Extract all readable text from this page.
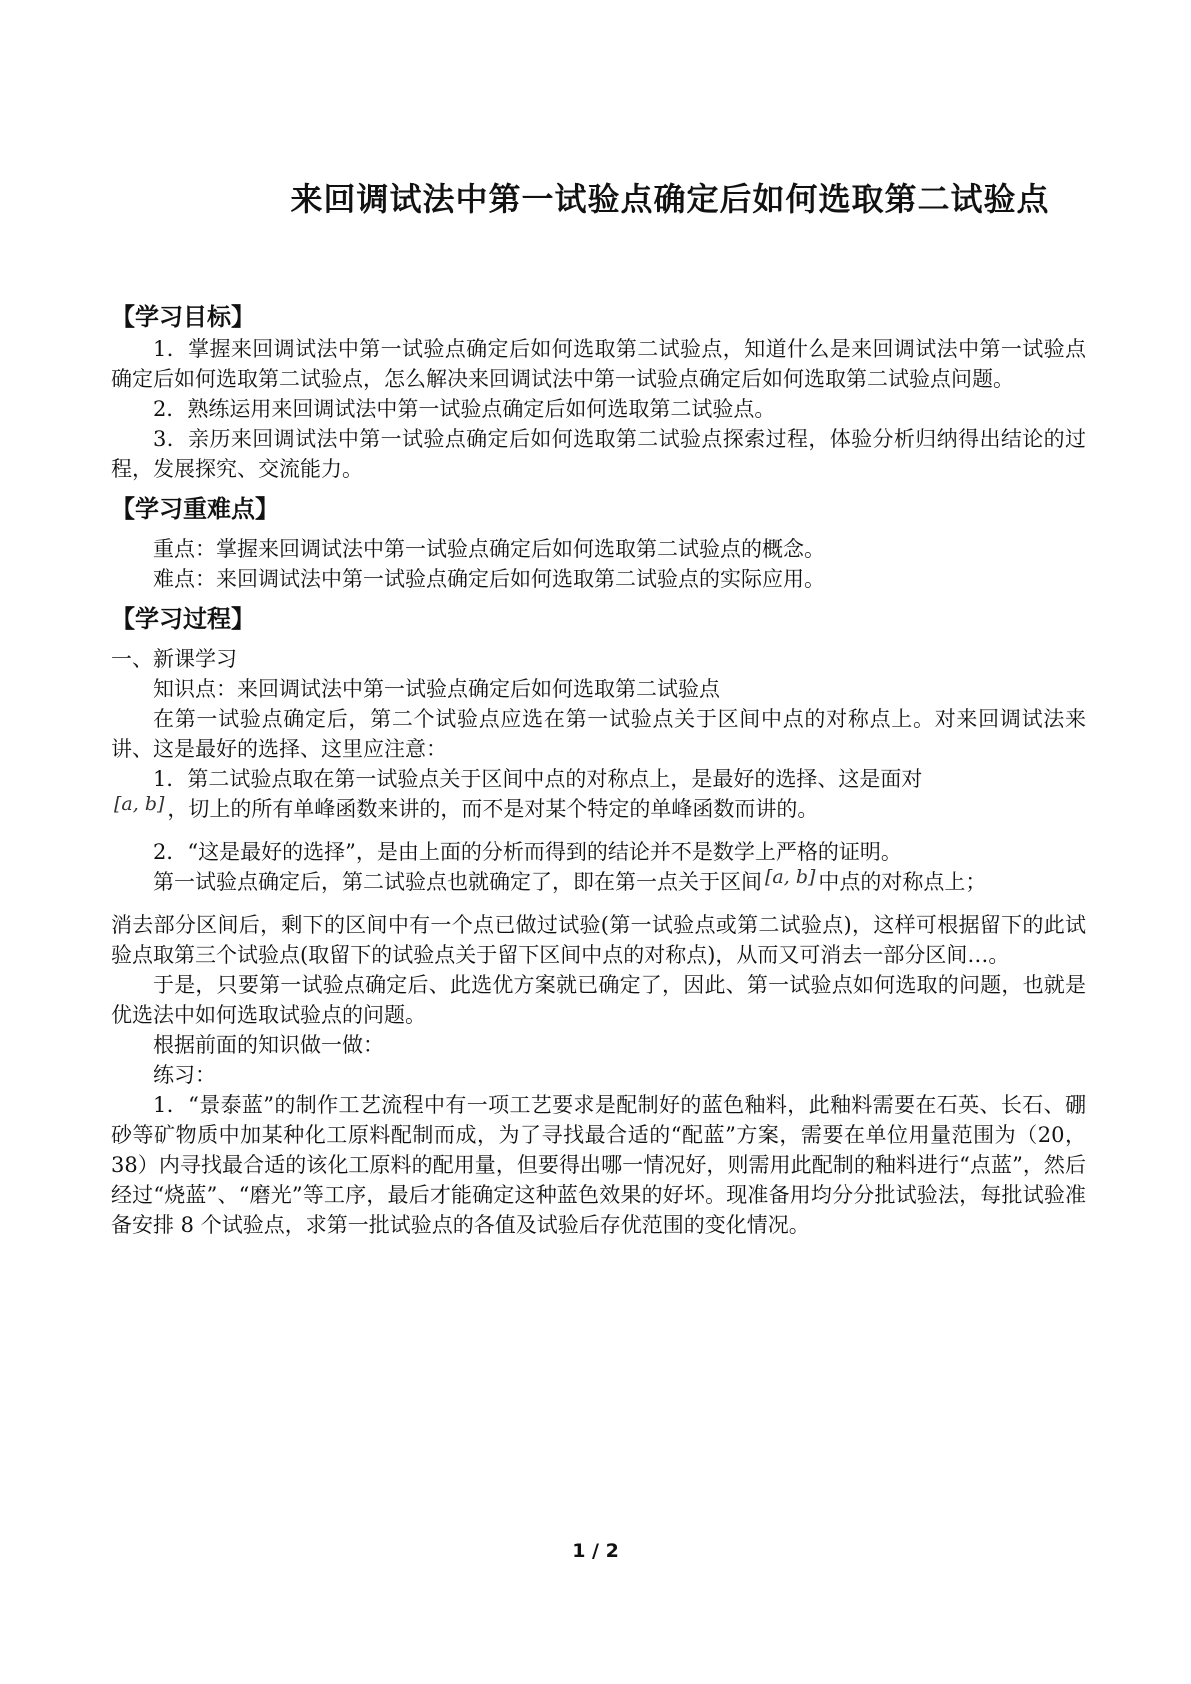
来回调试法中第一试验点确定后如何选取第二试验点
【学习目标】

1．掌握来回调试法中第一试验点确定后如何选取第二试验点，知道什么是来回调试法中第一试验点确定后如何选取第二试验点，怎么解决来回调试法中第一试验点确定后如何选取第二试验点问题。

2．熟练运用来回调试法中第一试验点确定后如何选取第二试验点。

3．亲历来回调试法中第一试验点确定后如何选取第二试验点探索过程，体验分析归纳得出结论的过程，发展探究、交流能力。

【学习重难点】

重点：掌握来回调试法中第一试验点确定后如何选取第二试验点的概念。

难点：来回调试法中第一试验点确定后如何选取第二试验点的实际应用。

【学习过程】

一、新课学习

知识点：来回调试法中第一试验点确定后如何选取第二试验点

在第一试验点确定后，第二个试验点应选在第一试验点关于区间中点的对称点上。对来回调试法来讲、这是最好的选择、这里应注意：

1．第二试验点取在第一试验点关于区间中点的对称点上，是最好的选择、这是面对
[a, b] ，切上的所有单峰函数来讲的，而不是对某个特定的单峰函数而讲的。

2．“这是最好的选择”，是由上面的分析而得到的结论并不是数学上严格的证明。

第一试验点确定后，第二试验点也就确定了，即在第一点关于区间 [a, b] 中点的对称点上；

消去部分区间后，剩下的区间中有一个点已做过试验(第一试验点或第二试验点)，这样可根据留下的此试验点取第三个试验点(取留下的试验点关于留下区间中点的对称点)，从而又可消去一部分区间…。

于是，只要第一试验点确定后、此选优方案就已确定了，因此、第一试验点如何选取的问题，也就是优选法中如何选取试验点的问题。

根据前面的知识做一做：

练习：

1．“景泰蓝”的制作工艺流程中有一项工艺要求是配制好的蓝色釉料，此釉料需要在石英、长石、硼砂等矿物质中加某种化工原料配制而成，为了寻找最合适的“配蓝”方案，需要在单位用量范围为（20，38）内寻找最合适的该化工原料的配用量，但要得出哪一情况好，则需用此配制的釉料进行“点蓝”，然后经过“烧蓝”、“磨光”等工序，最后才能确定这种蓝色效果的好坏。现准备用均分分批试验法，每批试验准备安排 8 个试验点，求第一批试验点的各值及试验后存优范围的变化情况。

1 / 2
